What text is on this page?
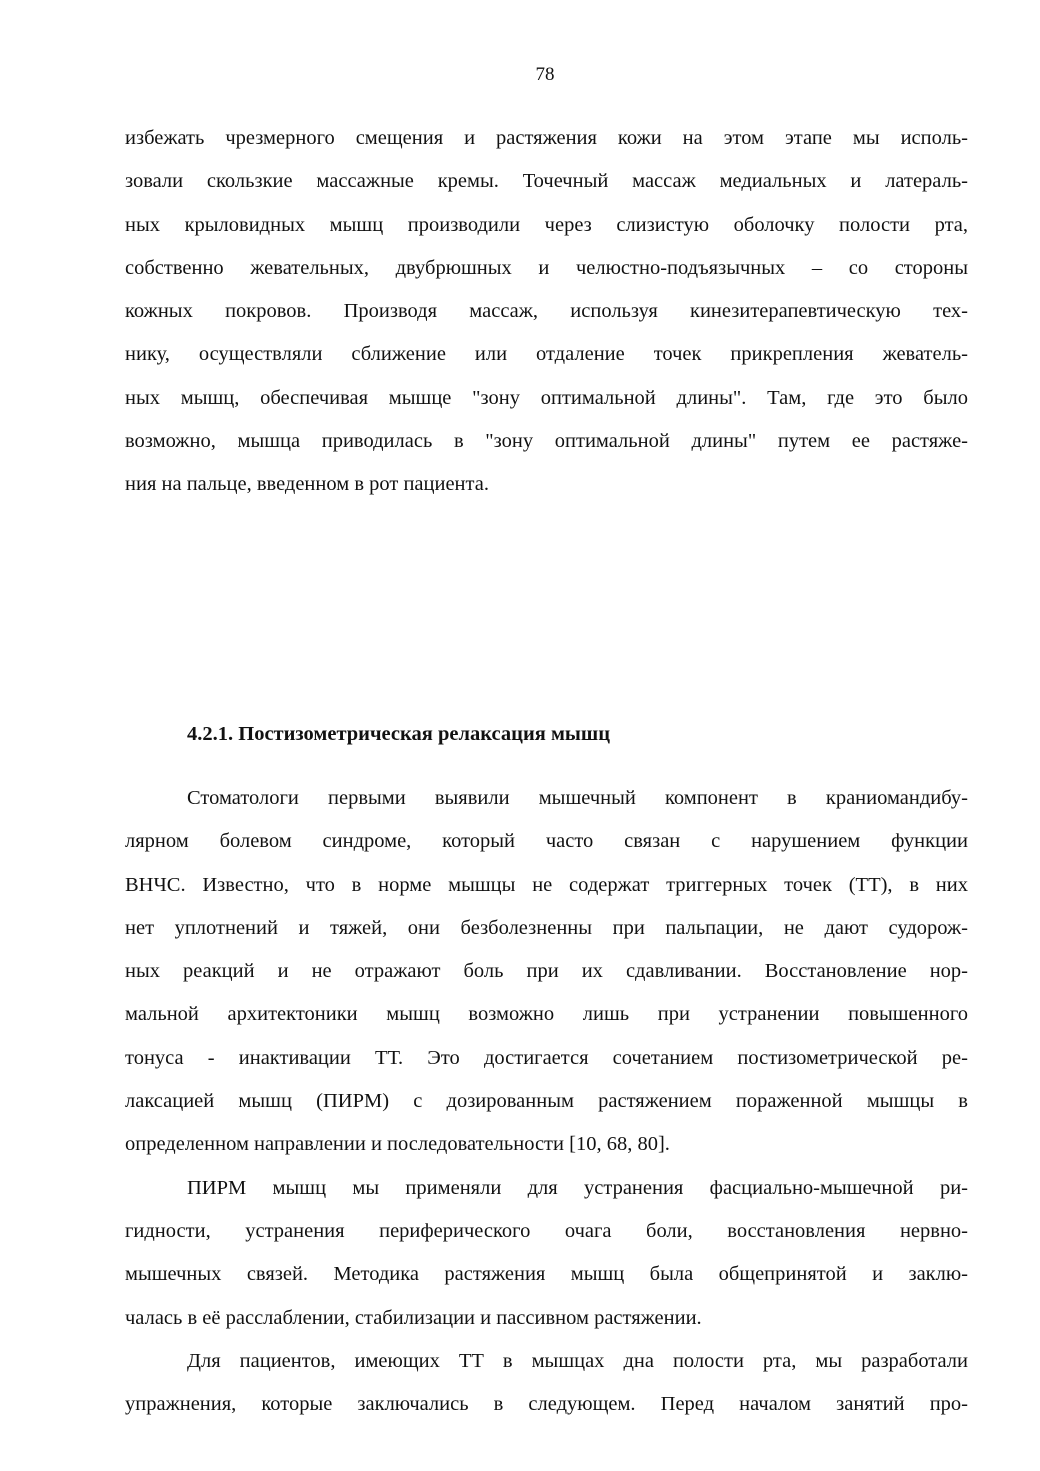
78
избежать чрезмерного смещения и растяжения кожи на этом этапе мы исполь-
зовали скользкие массажные кремы. Точечный массаж медиальных и латераль-
ных крыловидных мышц производили через слизистую оболочку полости рта,
собственно жевательных, двубрюшных и челюстно-подъязычных – со стороны
кожных покровов. Производя массаж, используя кинезитерапевтическую тех-
нику, осуществляли сближение или отдаление точек прикрепления жеватель-
ных мышц, обеспечивая мышце "зону оптимальной длины". Там, где это было
возможно, мышца приводилась в "зону оптимальной длины" путем ее растяже-
ния на пальце, введенном в рот пациента.
4.2.1. Постизометрическая релаксация мышц
Стоматологи первыми выявили мышечный компонент в краниомандибу-
лярном болевом синдроме, который часто связан с нарушением функции
ВНЧС. Известно, что в норме мышцы не содержат триггерных точек (ТТ), в них
нет уплотнений и тяжей, они безболезненны при пальпации, не дают судорож-
ных реакций и не отражают боль при их сдавливании. Восстановление нор-
мальной архитектоники мышц возможно лишь при устранении повышенного
тонуса - инактивации ТТ. Это достигается сочетанием постизометрической ре-
лаксацией мышц (ПИРМ) с дозированным растяжением пораженной мышцы в
определенном направлении и последовательности [10, 68, 80].
ПИРМ мышц мы применяли для устранения фасциально-мышечной ри-
гидности, устранения периферического очага боли, восстановления нервно-
мышечных связей. Методика растяжения мышц была общепринятой и заклю-
чалась в её расслаблении, стабилизации и пассивном растяжении.
Для пациентов, имеющих ТТ в мышцах дна полости рта, мы разработали
упражнения, которые заключались в следующем. Перед началом занятий про-
